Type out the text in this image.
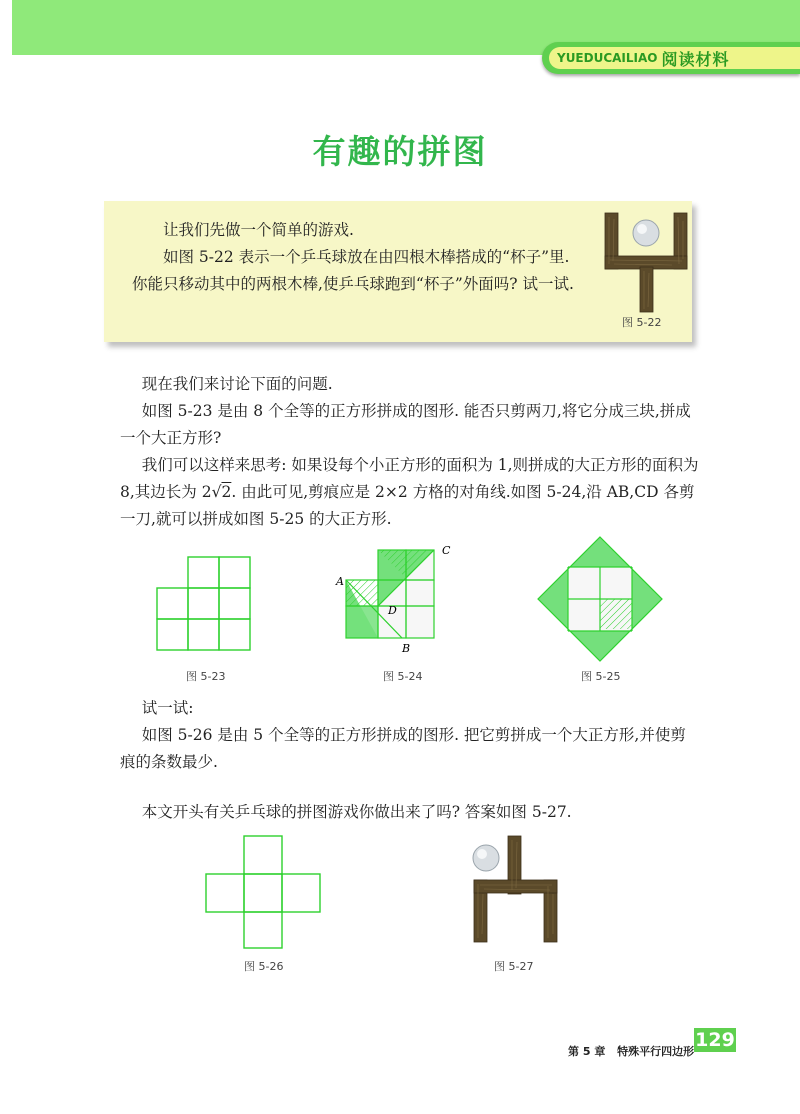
YUEDUCAILIAO 阅读材料
有趣的拼图

让我们先做一个简单的游戏.

如图 5-22 表示一个乒乓球放在由四根木棒搭成的“杯子”里. 你能只移动其中的两根木棒,使乒乓球跑到“杯子”外面吗? 试一试.

图 5-22

现在我们来讨论下面的问题.

如图 5-23 是由 8 个全等的正方形拼成的图形. 能否只剪两刀,将它分成三块,拼成一个大正方形?

我们可以这样来思考: 如果设每个小正方形的面积为 1,则拼成的大正方形的面积为 8,其边长为 2√2. 由此可见,剪痕应是 2×2 方格的对角线.如图 5-24,沿 AB,CD 各剪一刀,就可以拼成如图 5-25 的大正方形.

图 5-23
A
B
C
D
图 5-24	图 5-25

试一试:

如图 5-26 是由 5 个全等的正方形拼成的图形. 把它剪拼成一个大正方形,并使剪痕的条数最少.

本文开头有关乒乓球的拼图游戏你做出来了吗? 答案如图 5-27.

图 5-26	图 5-27
第 5 章 特殊平行四边形
129
